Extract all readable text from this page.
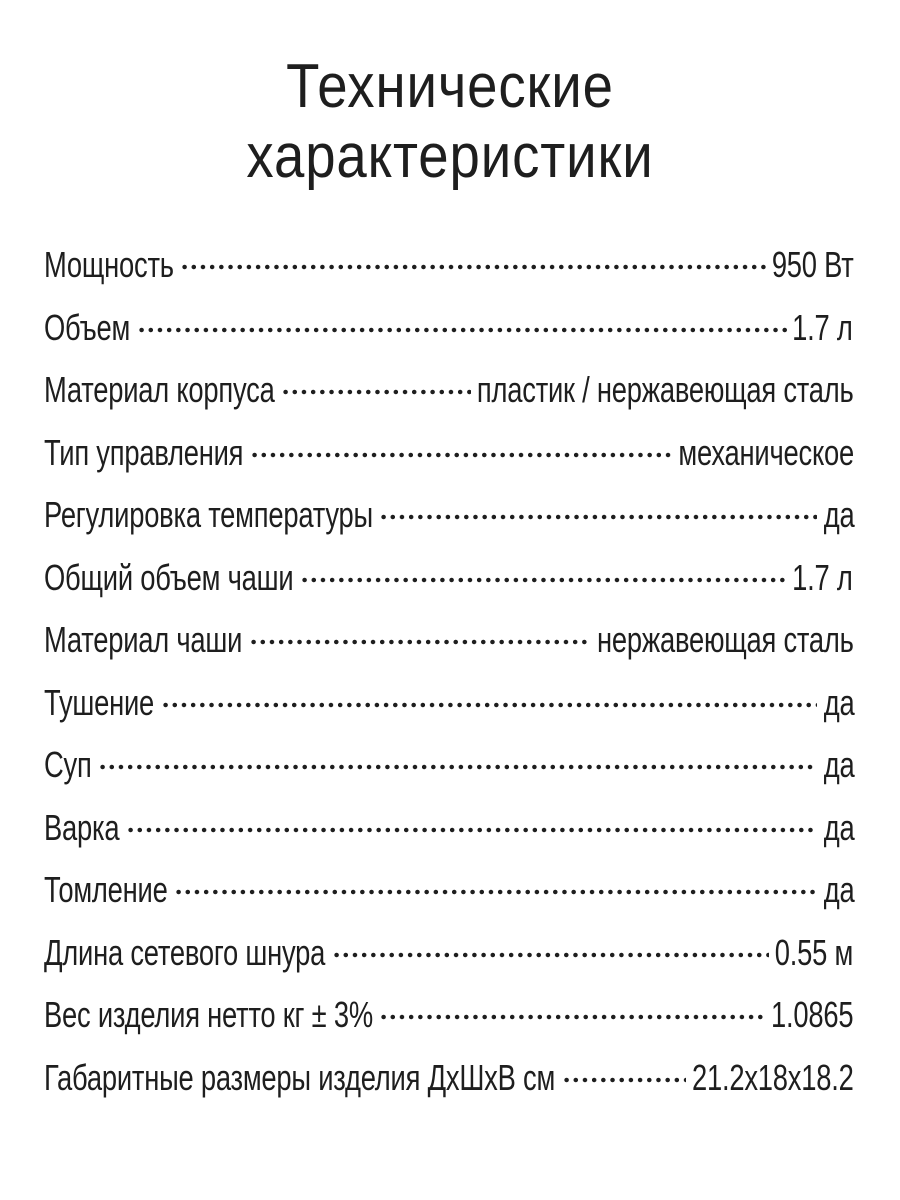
Технические
характеристики
Мощность	950 Вт
Объем	1.7 л
Материал корпуса	пластик / нержавеющая сталь
Тип управления	механическое
Регулировка температуры	да
Общий объем чаши	1.7 л
Материал чаши	нержавеющая сталь
Тушение	да
Суп	да
Варка	да
Томление	да
Длина сетевого шнура	0.55 м
Вес изделия нетто кг ± 3%	1.0865
Габаритные размеры изделия ДхШхВ см	21.2x18x18.2
